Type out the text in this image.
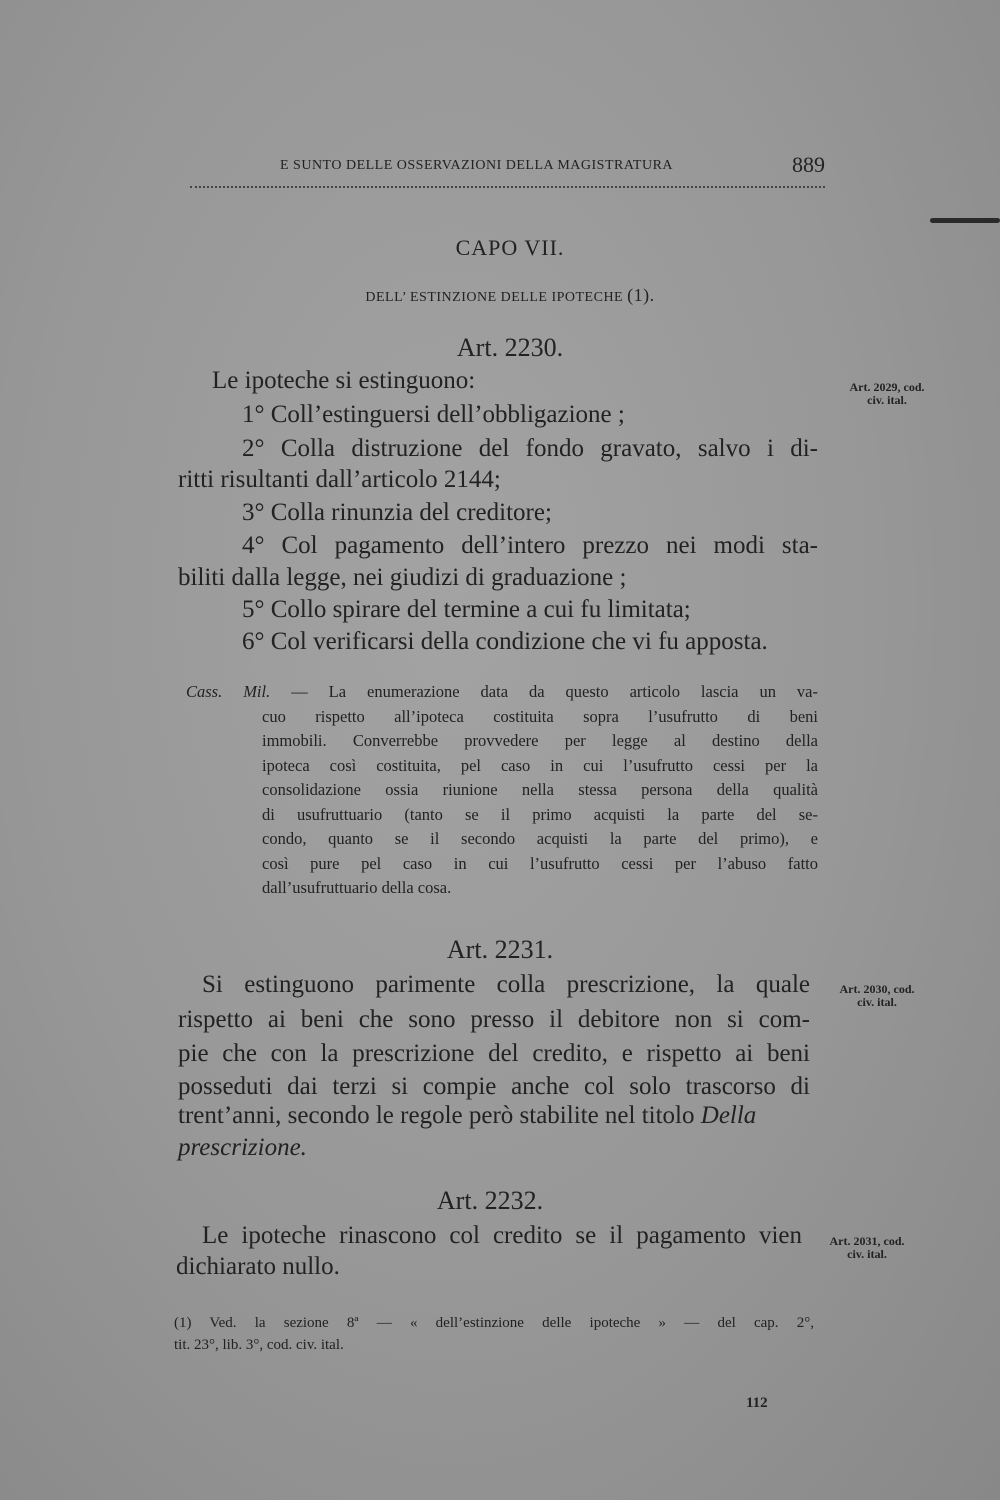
E SUNTO DELLE OSSERVAZIONI DELLA MAGISTRATURA	889
CAPO VII.
DELL’ ESTINZIONE DELLE IPOTECHE (1).
Art. 2230.
Art. 2029, cod.
civ. ital.
Le ipoteche si estinguono:
1° Coll’estinguersi dell’obbligazione ;
2° Colla distruzione del fondo gravato, salvo i di-
ritti risultanti dall’articolo 2144;
3° Colla rinunzia del creditore;
4° Col pagamento dell’intero prezzo nei modi sta-
biliti dalla legge, nei giudizi di graduazione ;
5° Collo spirare del termine a cui fu limitata;
6° Col verificarsi della condizione che vi fu apposta.
Cass. Mil. — La enumerazione data da questo articolo lascia un va-
cuo rispetto all’ipoteca costituita sopra l’usufrutto di beni
immobili. Converrebbe provvedere per legge al destino della
ipoteca così costituita, pel caso in cui l’usufrutto cessi per la
consolidazione ossia riunione nella stessa persona della qualità
di usufruttuario (tanto se il primo acquisti la parte del se-
condo, quanto se il secondo acquisti la parte del primo), e
così pure pel caso in cui l’usufrutto cessi per l’abuso fatto
dall’usufruttuario della cosa.
Art. 2231.
Art. 2030, cod.
civ. ital.
Si estinguono parimente colla prescrizione, la quale
rispetto ai beni che sono presso il debitore non si com-
pie che con la prescrizione del credito, e rispetto ai beni
posseduti dai terzi si compie anche col solo trascorso di
trent’anni, secondo le regole però stabilite nel titolo Della
prescrizione.
Art. 2232.
Art. 2031, cod.
civ. ital.
Le ipoteche rinascono col credito se il pagamento vien
dichiarato nullo.
(1) Ved. la sezione 8ª — « dell’estinzione delle ipoteche » — del cap. 2°,
tit. 23°, lib. 3°, cod. civ. ital.
112
